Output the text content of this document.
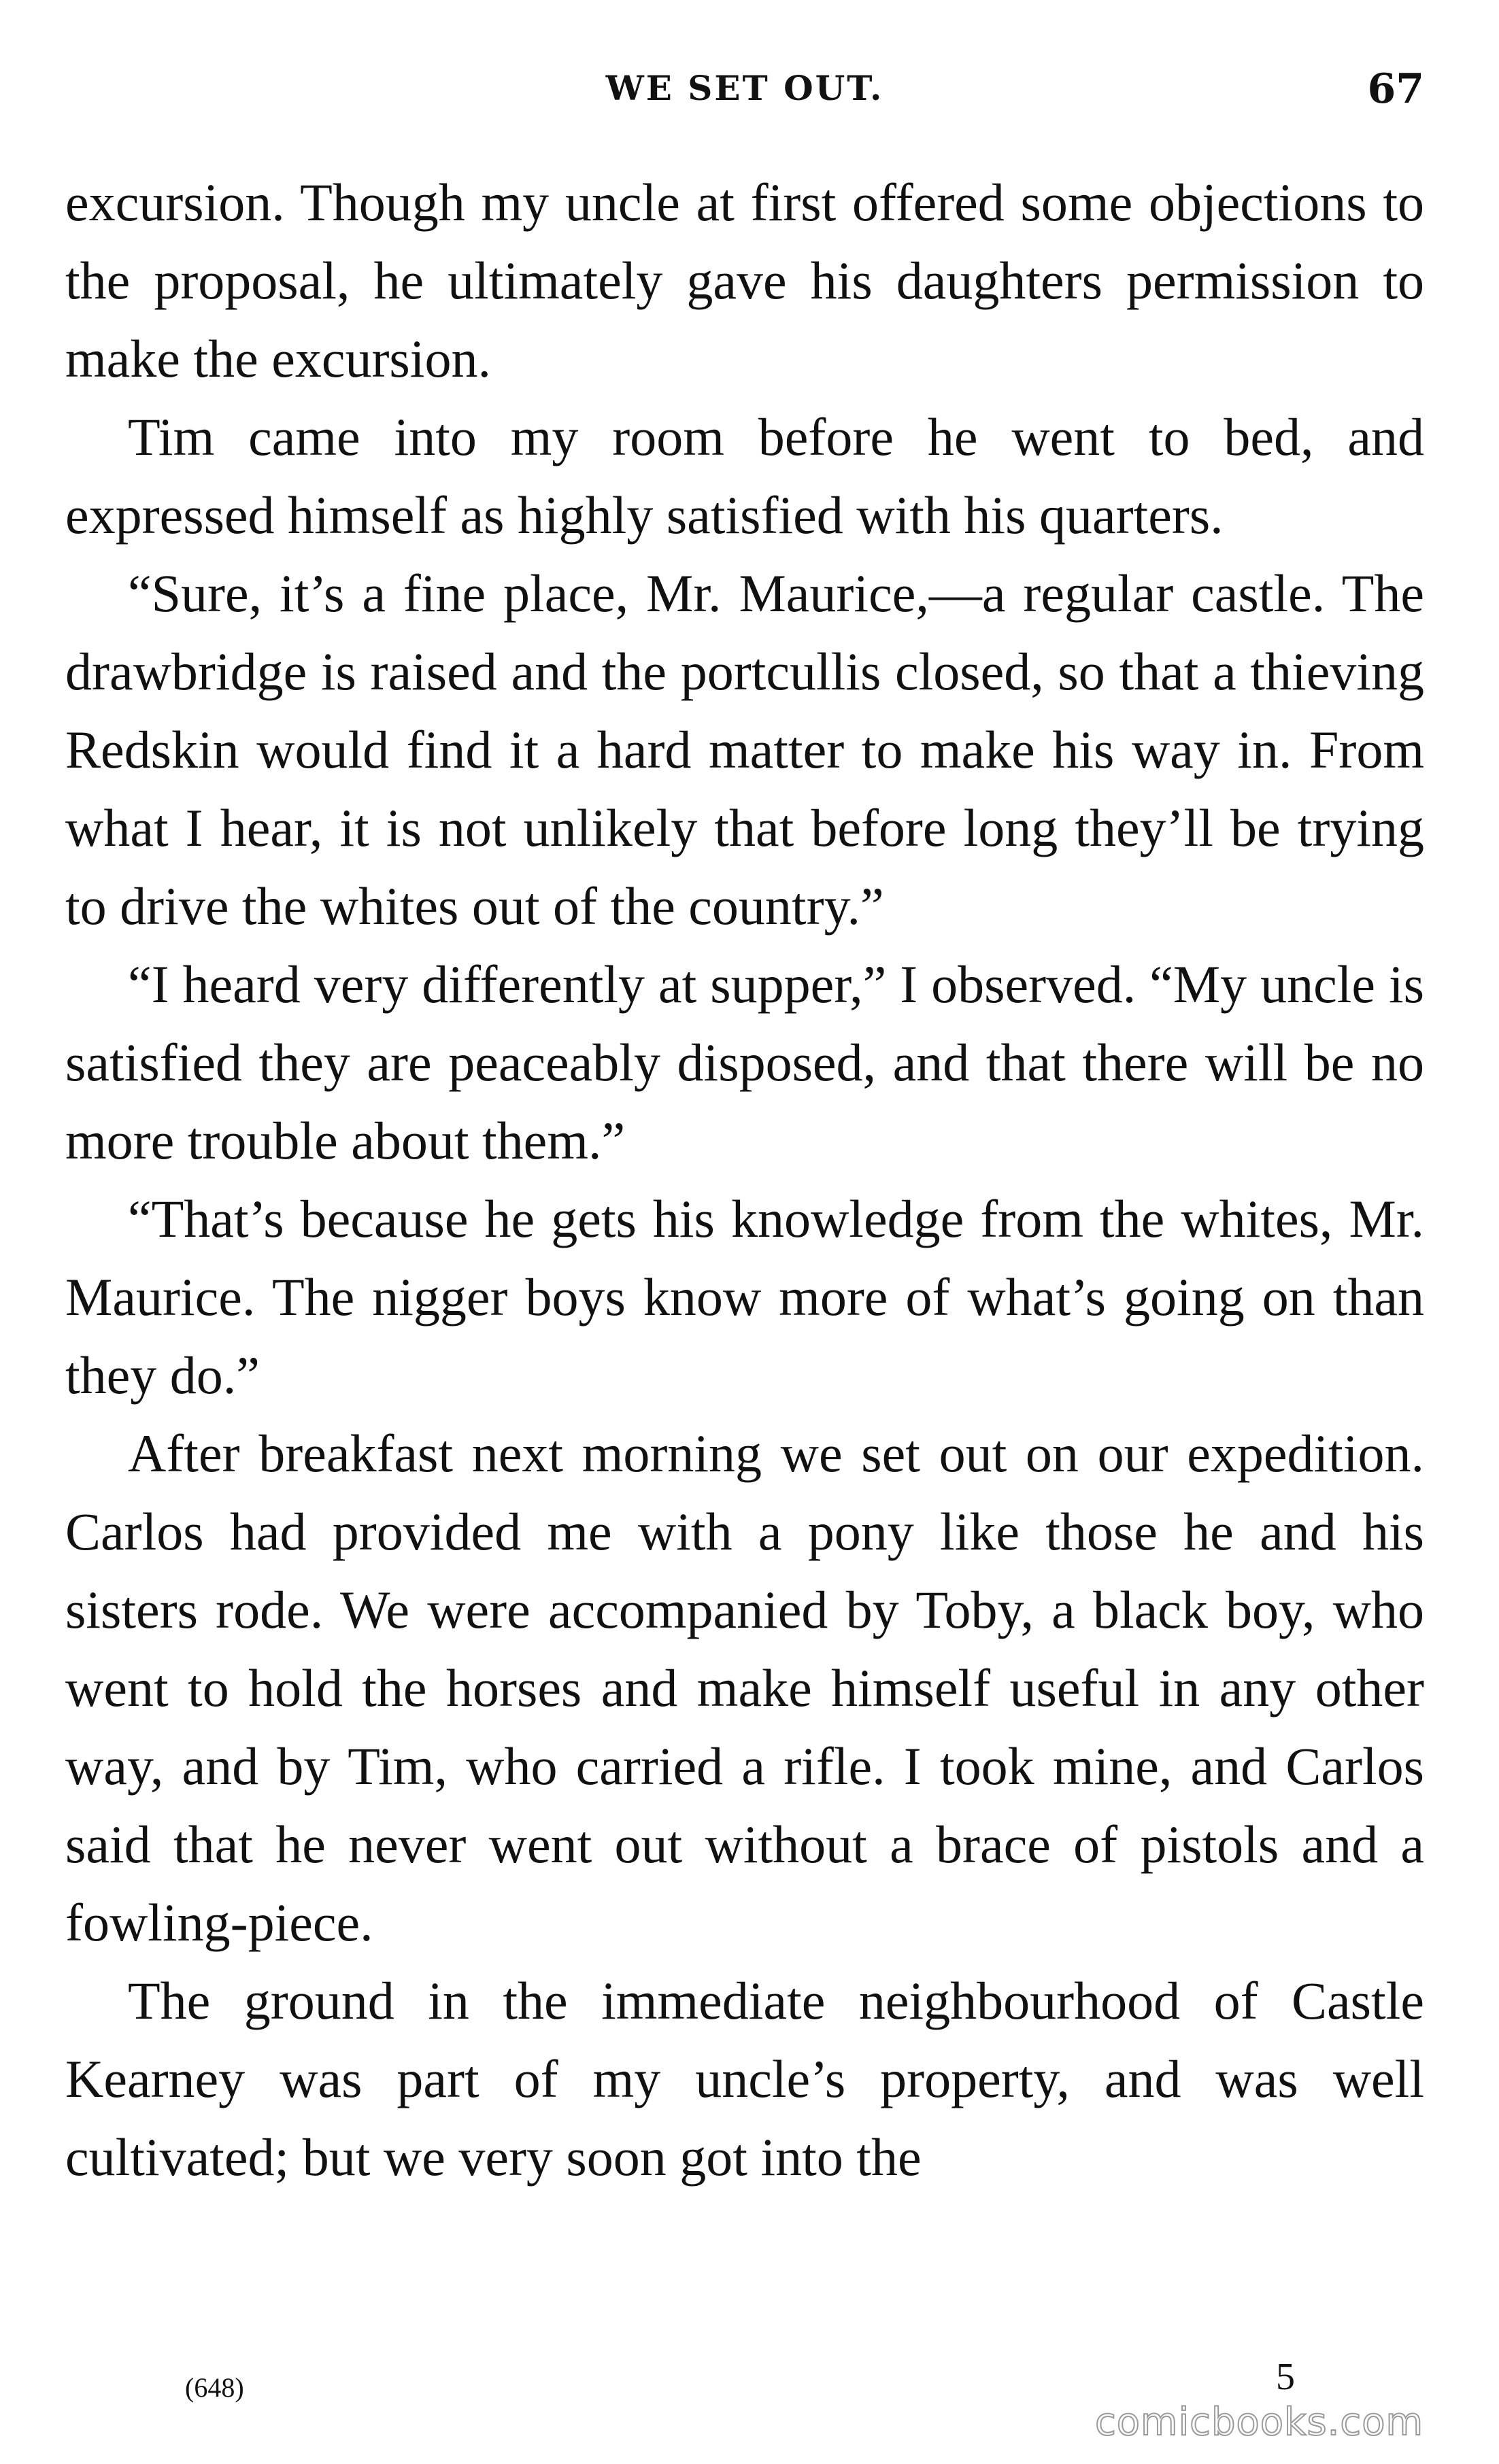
WE SET OUT.	67

excursion. Though my uncle at first offered some objections to the proposal, he ultimately gave his daughters permission to make the excursion.

Tim came into my room before he went to bed, and expressed himself as highly satisfied with his quarters.

“Sure, it’s a fine place, Mr. Maurice,—a regular castle. The drawbridge is raised and the portcullis closed, so that a thieving Redskin would find it a hard matter to make his way in. From what I hear, it is not unlikely that before long they’ll be trying to drive the whites out of the country.”

“I heard very differently at supper,” I observed. “My uncle is satisfied they are peaceably disposed, and that there will be no more trouble about them.”

“That’s because he gets his knowledge from the whites, Mr. Maurice. The nigger boys know more of what’s going on than they do.”

After breakfast next morning we set out on our expedition. Carlos had provided me with a pony like those he and his sisters rode. We were accompanied by Toby, a black boy, who went to hold the horses and make himself useful in any other way, and by Tim, who carried a rifle. I took mine, and Carlos said that he never went out without a brace of pistols and a fowling-piece.

The ground in the immediate neighbourhood of Castle Kearney was part of my uncle’s property, and was well cultivated; but we very soon got into the

(648)	5
comicbooks.com
